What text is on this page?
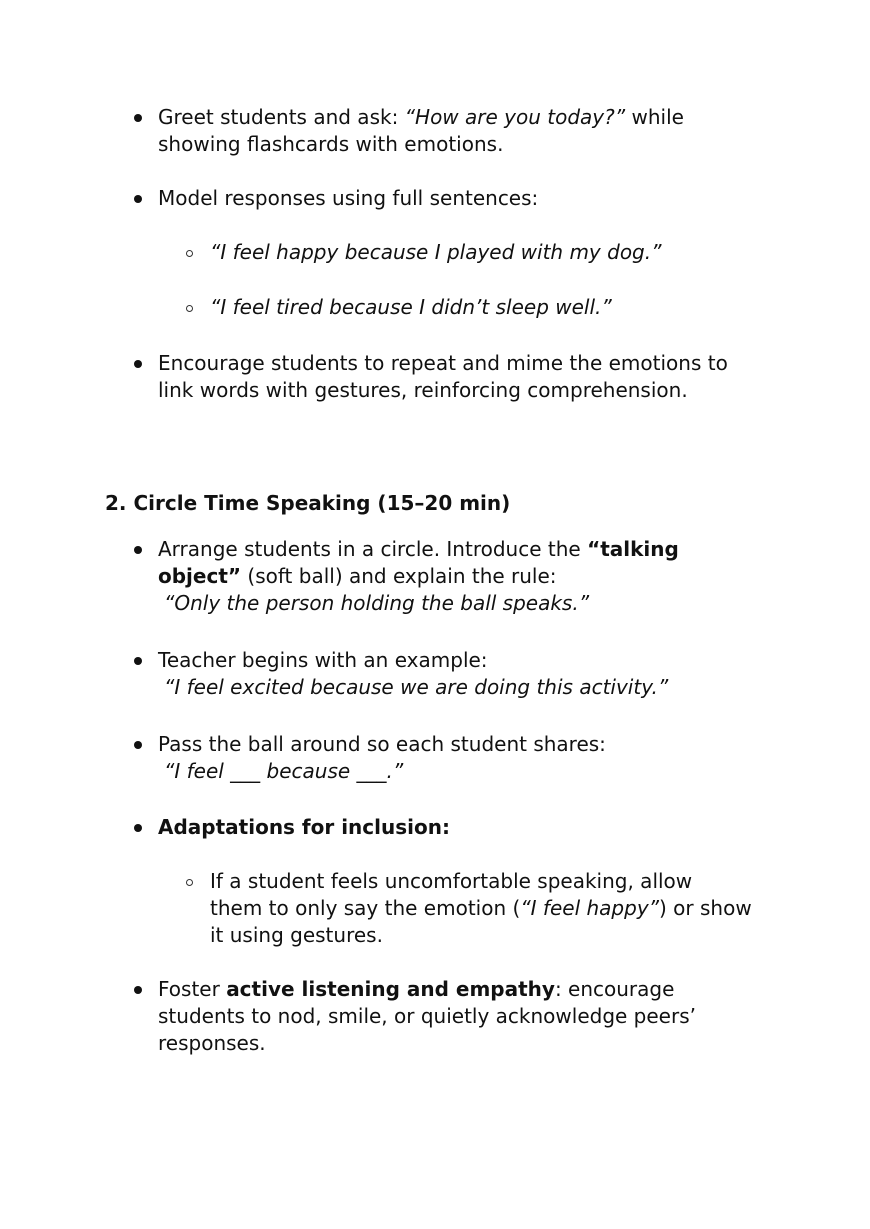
Greet students and ask: “How are you today?” while
showing flashcards with emotions.
Model responses using full sentences:
“I feel happy because I played with my dog.”
“I feel tired because I didn’t sleep well.”
Encourage students to repeat and mime the emotions to
link words with gestures, reinforcing comprehension.
2. Circle Time Speaking (15–20 min)
Arrange students in a circle. Introduce the “talking
object” (soft ball) and explain the rule:
“Only the person holding the ball speaks.”
Teacher begins with an example:
“I feel excited because we are doing this activity.”
Pass the ball around so each student shares:
“I feel ___ because ___.”
Adaptations for inclusion:
If a student feels uncomfortable speaking, allow
them to only say the emotion (“I feel happy”) or show
it using gestures.
Foster active listening and empathy: encourage
students to nod, smile, or quietly acknowledge peers’
responses.
